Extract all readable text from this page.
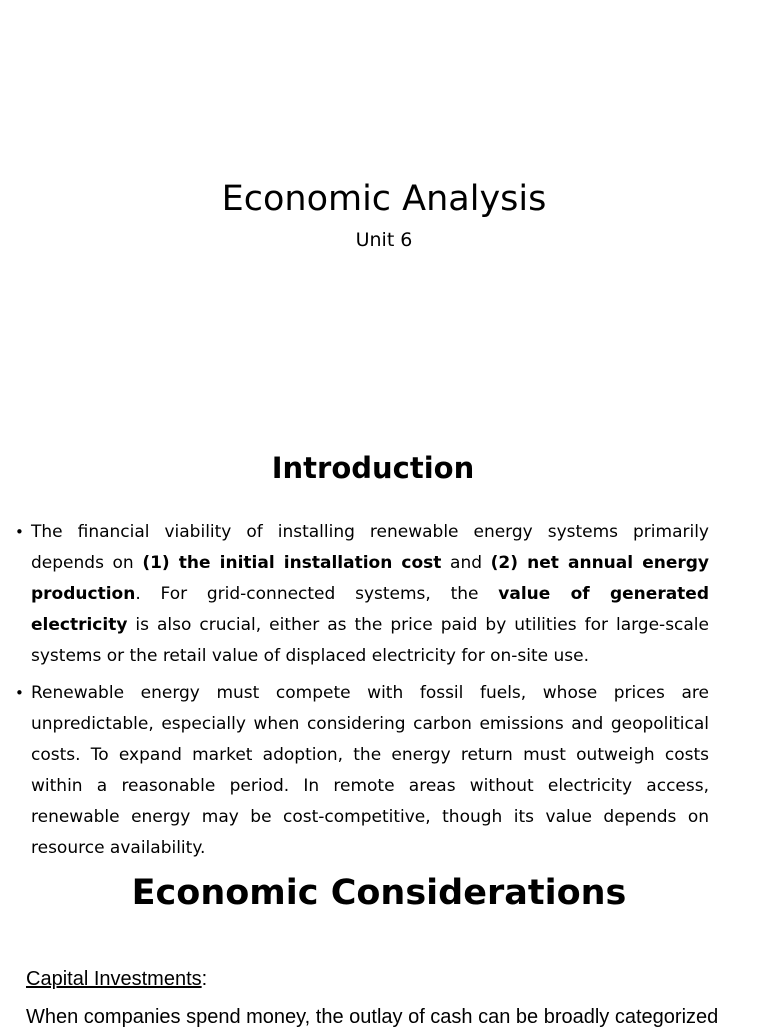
Economic Analysis
Unit 6
Introduction
• The financial viability of installing renewable energy systems primarily depends on (1) the initial installation cost and (2) net annual energy production. For grid-connected systems, the value of generated electricity is also crucial, either as the price paid by utilities for large-scale systems or the retail value of displaced electricity for on-site use.
• Renewable energy must compete with fossil fuels, whose prices are unpredictable, especially when considering carbon emissions and geopolitical costs. To expand market adoption, the energy return must outweigh costs within a reasonable period. In remote areas without electricity access, renewable energy may be cost-competitive, though its value depends on resource availability.
Economic Considerations
Capital Investments:
When companies spend money, the outlay of cash can be broadly categorized
